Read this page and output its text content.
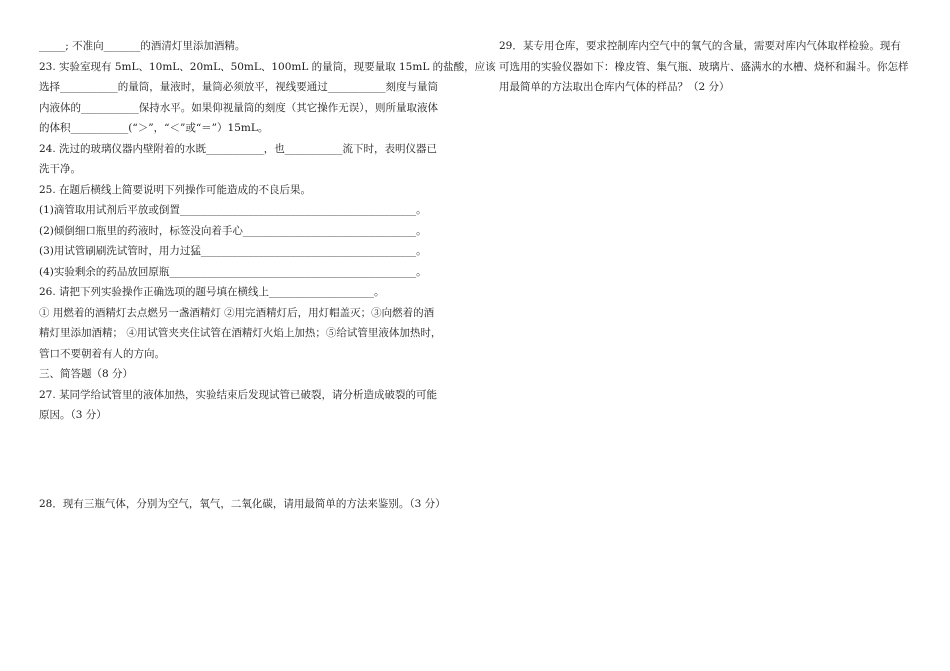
_____; 不准向_______的酒清灯里添加酒精。
23. 实验室现有 5mL、10mL、20mL、50mL、100mL 的量筒，现要量取 15mL 的盐酸，应该
选择___________的量筒，量液时，量筒必须放平，视线要通过___________刻度与量筒
内液体的___________保持水平。如果仰视量筒的刻度（其它操作无误），则所量取液体
的体积___________(“＞”，“＜”或“＝”）15mL。
24. 洗过的玻璃仪器内壁附着的水既___________，也___________流下时，表明仪器已
洗干净。
25. 在题后横线上简要说明下列操作可能造成的不良后果。
(1)滴管取用试剂后平放或倒置_____________________________________________。
(2)倾倒细口瓶里的药液时，标签没向着手心_________________________________。
(3)用试管刷刷洗试管时，用力过猛_________________________________________。
(4)实验剩余的药品放回原瓶_______________________________________________。
26. 请把下列实验操作正确选项的题号填在横线上____________________。
① 用燃着的酒精灯去点燃另一盏酒精灯 ②用完酒精灯后，用灯帽盖灭；③向燃着的酒
精灯里添加酒精； ④用试管夹夹住试管在酒精灯火焰上加热；⑤给试管里液体加热时，
管口不要朝着有人的方向。
三、简答题（8 分）
27. 某同学给试管里的液体加热，实验结束后发现试管已破裂，请分析造成破裂的可能
原因。（3 分）
28．现有三瓶气体，分别为空气，氧气，二氧化碳，请用最简单的方法来鉴别。（3 分）
29．某专用仓库，要求控制库内空气中的氧气的含量，需要对库内气体取样检验。现有
可选用的实验仪器如下：橡皮管、集气瓶、玻璃片、盛满水的水槽、烧杯和漏斗。你怎样
用最简单的方法取出仓库内气体的样品？（2 分）
